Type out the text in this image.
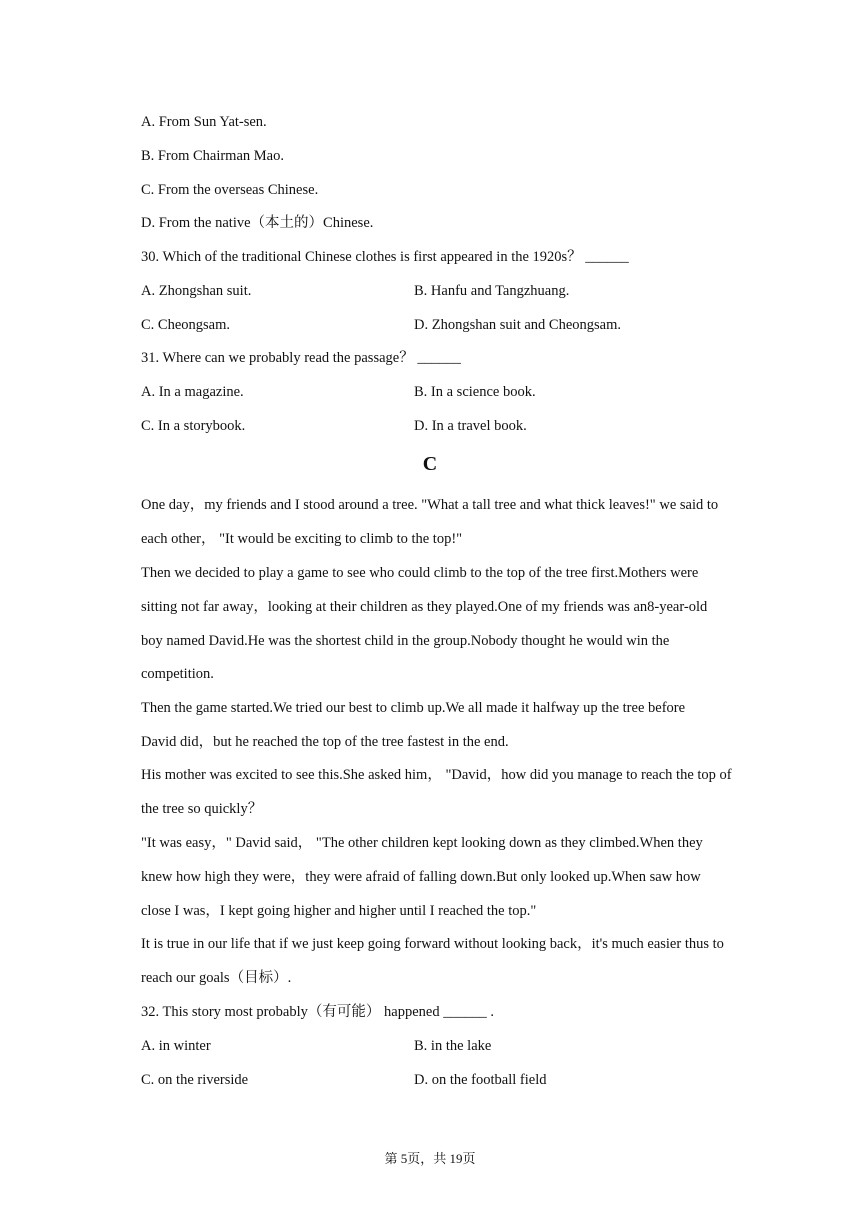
A. From Sun Yat-sen.
B. From Chairman Mao.
C. From the overseas Chinese.
D. From the native（本土的）Chinese.
30. Which of the traditional Chinese clothes is first appeared in the 1920s？ ______
A. Zhongshan suit.	B. Hanfu and Tangzhuang.
C. Cheongsam.	D. Zhongshan suit and Cheongsam.
31. Where can we probably read the passage？ ______
A. In a magazine.	B. In a science book.
C. In a storybook.	D. In a travel book.
C
One day，my friends and I stood around a tree. "What a tall tree and what thick leaves!" we said to
each other， "It would be exciting to climb to the top!"
Then we decided to play a game to see who could climb to the top of the tree first.Mothers were
sitting not far away，looking at their children as they played.One of my friends was an8-year-old
boy named David.He was the shortest child in the group.Nobody thought he would win the
competition.
Then the game started.We tried our best to climb up.We all made it halfway up the tree before
David did，but he reached the top of the tree fastest in the end.
His mother was excited to see this.She asked him， "David，how did you manage to reach the top of
the tree so quickly？
"It was easy，" David said， "The other children kept looking down as they climbed.When they
knew how high they were，they were afraid of falling down.But only looked up.When saw how
close I was，I kept going higher and higher until I reached the top."
It is true in our life that if we just keep going forward without looking back，it's much easier thus to
reach our goals（目标）.
32. This story most probably（有可能） happened ______ .
A. in winter	B. in the lake
C. on the riverside	D. on the football field
第 5页，共 19页
